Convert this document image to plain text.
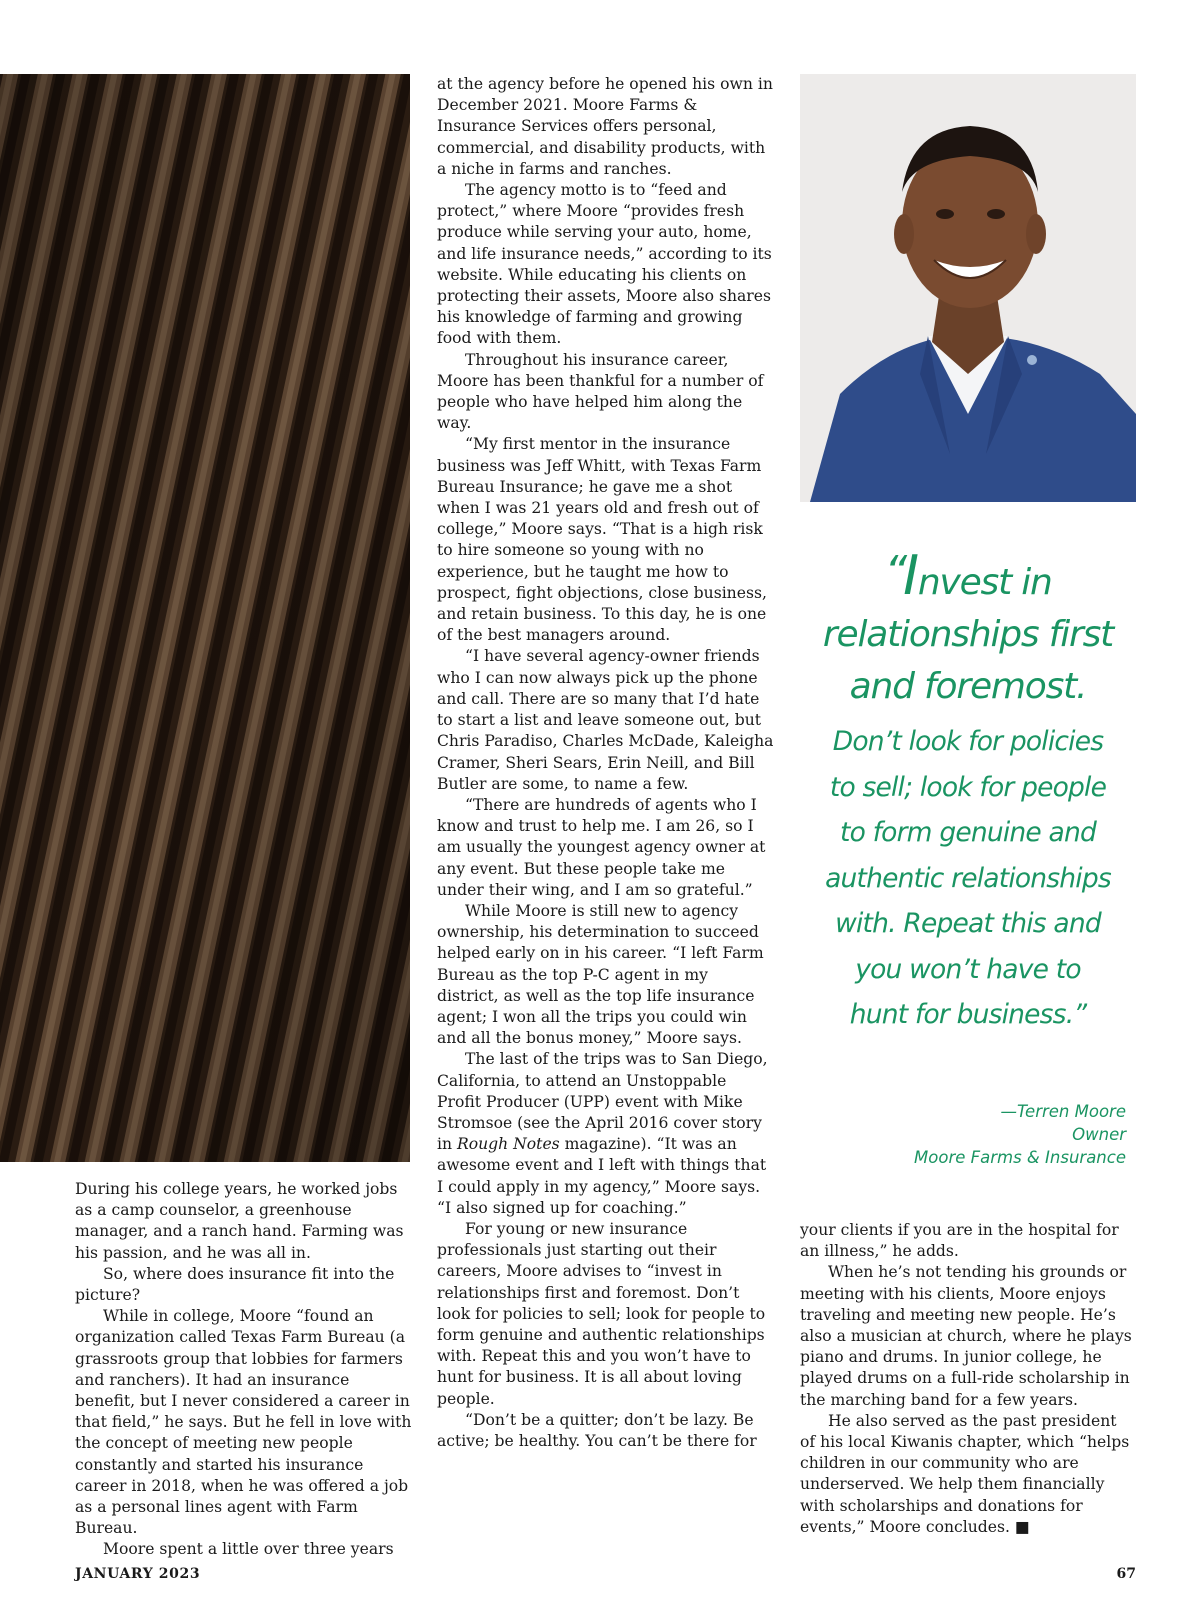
During his college years, he worked jobs as a camp counselor, a greenhouse manager, and a ranch hand. Farming was his passion, and he was all in.

So, where does insurance fit into the picture?

While in college, Moore “found an organization called Texas Farm Bureau (a grassroots group that lobbies for farmers and ranchers). It had an insurance benefit, but I never considered a career in that field,” he says. But he fell in love with the concept of meeting new people constantly and started his insurance career in 2018, when he was offered a job as a personal lines agent with Farm Bureau.

Moore spent a little over three years

at the agency before he opened his own in December 2021. Moore Farms & Insurance Services offers personal, commercial, and disability products, with a niche in farms and ranches.

The agency motto is to “feed and protect,” where Moore “provides fresh produce while serving your auto, home, and life insurance needs,” according to its website. While educating his clients on protecting their assets, Moore also shares his knowledge of farming and growing food with them.

Throughout his insurance career, Moore has been thankful for a number of people who have helped him along the way.

“My first mentor in the insurance business was Jeff Whitt, with Texas Farm Bureau Insurance; he gave me a shot when I was 21 years old and fresh out of college,” Moore says. “That is a high risk to hire someone so young with no experience, but he taught me how to prospect, fight objections, close business, and retain business. To this day, he is one of the best managers around.

“I have several agency-owner friends who I can now always pick up the phone and call. There are so many that I’d hate to start a list and leave someone out, but Chris Paradiso, Charles McDade, Kaleigha Cramer, Sheri Sears, Erin Neill, and Bill Butler are some, to name a few.

“There are hundreds of agents who I know and trust to help me. I am 26, so I am usually the youngest agency owner at any event. But these people take me under their wing, and I am so grateful.”

While Moore is still new to agency ownership, his determination to succeed helped early on in his career. “I left Farm Bureau as the top P-C agent in my district, as well as the top life insurance agent; I won all the trips you could win and all the bonus money,” Moore says.

The last of the trips was to San Diego, California, to attend an Unstoppable Profit Producer (UPP) event with Mike Stromsoe (see the April 2016 cover story in Rough Notes magazine). “It was an awesome event and I left with things that I could apply in my agency,” Moore says. “I also signed up for coaching.”

For young or new insurance professionals just starting out their careers, Moore advises to “invest in relationships first and foremost. Don’t look for policies to sell; look for people to form genuine and authentic relationships with. Repeat this and you won’t have to hunt for business. It is all about loving people.

“Don’t be a quitter; don’t be lazy. Be active; be healthy. You can’t be there for

your clients if you are in the hospital for an illness,” he adds.

When he’s not tending his grounds or meeting with his clients, Moore enjoys traveling and meeting new people. He’s also a musician at church, where he plays piano and drums. In junior college, he played drums on a full-ride scholarship in the marching band for a few years.

He also served as the past president of his local Kiwanis chapter, which “helps children in our community who are underserved. We help them financially with scholarships and donations for events,” Moore concludes. ■

“Invest in
relationships first
and foremost.
Don’t look for policies
to sell; look for people
to form genuine and
authentic relationships
with. Repeat this and
you won’t have to
hunt for business.”
—Terren Moore
Owner
Moore Farms & Insurance
JANUARY 2023	67
